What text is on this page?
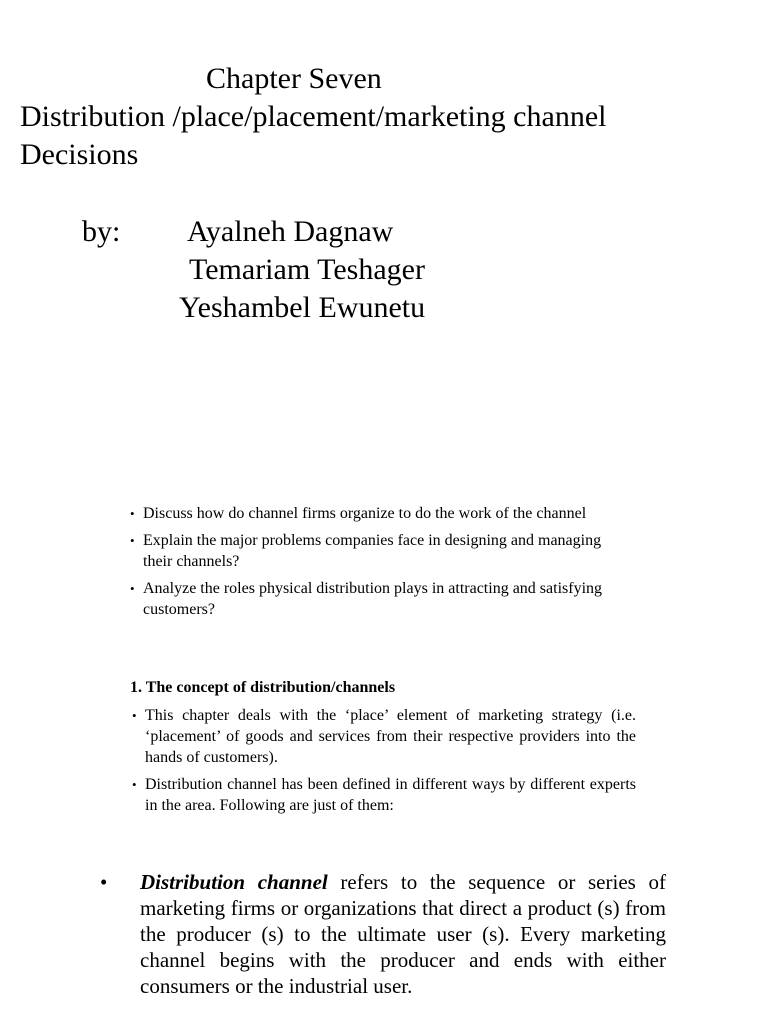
Chapter Seven
Distribution /place/placement/marketing channel
Decisions
by: Ayalneh Dagnaw
Temariam Teshager
Yeshambel Ewunetu
• Discuss how do channel firms organize to do the work of the channel
• Explain the major problems companies face in designing and managing their channels?
• Analyze the roles physical distribution plays in attracting and satisfying customers?
1. The concept of distribution/channels
• This chapter deals with the ‘place’ element of marketing strategy (i.e. ‘placement’ of goods and services from their respective providers into the hands of customers).
• Distribution channel has been defined in different ways by different experts in the area. Following are just of them:
• Distribution channel refers to the sequence or series of marketing firms or organizations that direct a product (s) from the producer (s) to the ultimate user (s). Every marketing channel begins with the producer and ends with either consumers or the industrial user.
